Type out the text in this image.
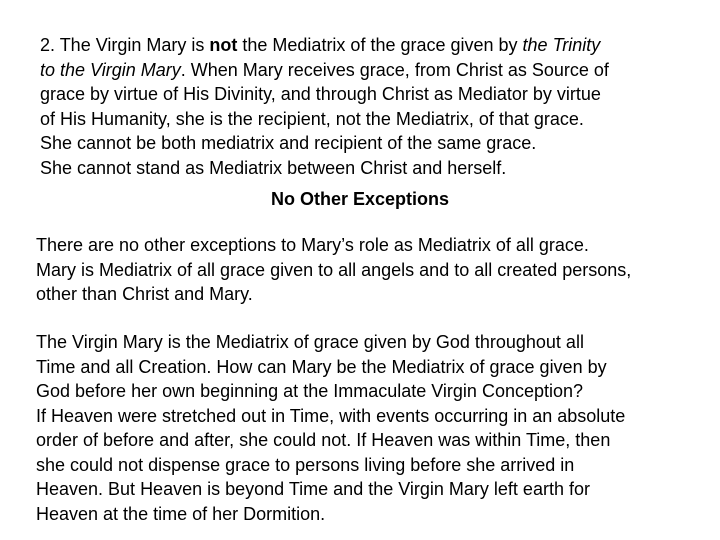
2. The Virgin Mary is not the Mediatrix of the grace given by the Trinity
to the Virgin Mary. When Mary receives grace, from Christ as Source of
grace by virtue of His Divinity, and through Christ as Mediator by virtue
of His Humanity, she is the recipient, not the Mediatrix, of that grace.
She cannot be both mediatrix and recipient of the same grace.
She cannot stand as Mediatrix between Christ and herself.
No Other Exceptions
There are no other exceptions to Mary’s role as Mediatrix of all grace.
Mary is Mediatrix of all grace given to all angels and to all created persons,
other than Christ and Mary.
The Virgin Mary is the Mediatrix of grace given by God throughout all
Time and all Creation. How can Mary be the Mediatrix of grace given by
God before her own beginning at the Immaculate Virgin Conception?
If Heaven were stretched out in Time, with events occurring in an absolute
order of before and after, she could not. If Heaven was within Time, then
she could not dispense grace to persons living before she arrived in
Heaven. But Heaven is beyond Time and the Virgin Mary left earth for
Heaven at the time of her Dormition.
